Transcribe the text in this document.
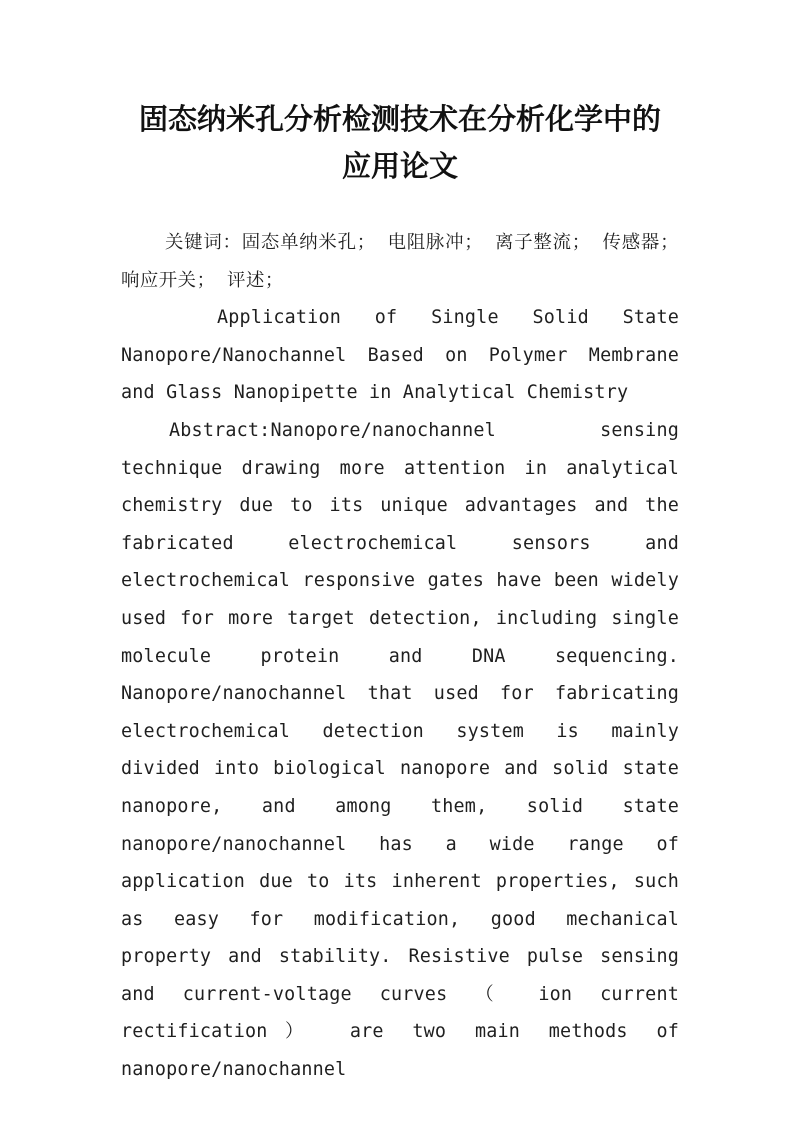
固态纳米孔分析检测技术在分析化学中的
应用论文

关键词：固态单纳米孔； 电阻脉冲； 离子整流； 传感器； 响应开关； 评述；

Application of Single Solid State Nanopore/Nanochannel Based on Polymer Membrane and Glass Nanopipette in Analytical Chemistry

Abstract:Nanopore/nanochannel sensing technique drawing more attention in analytical chemistry due to its unique advantages and the fabricated electrochemical sensors and electrochemical responsive gates have been widely used for more target detection, including single molecule protein and DNA sequencing. Nanopore/nanochannel that used for fabricating electrochemical detection system is mainly divided into biological nanopore and solid state nanopore, and among them, solid state nanopore/nanochannel has a wide range of application due to its inherent properties, such as easy for modification, good mechanical property and stability. Resistive pulse sensing and current-voltage curves （ ion current rectification） are two main methods of nanopore/nanochannel
